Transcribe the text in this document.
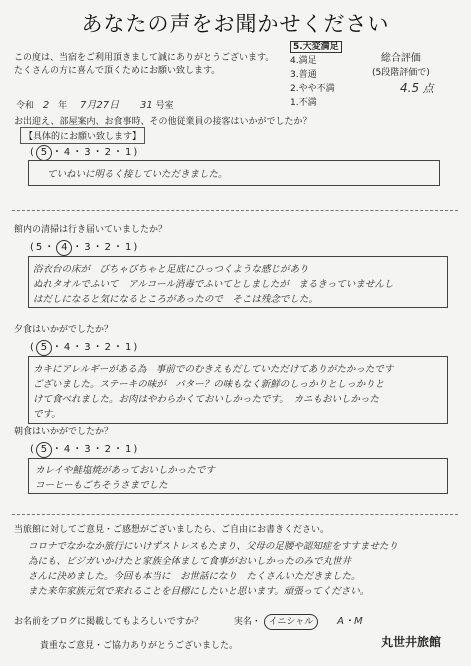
あなたの声をお聞かせください
この度は、当宿をご利用頂きまして誠にありがとうございます。
たくさんの方に喜んで頂くためにお願い致します。
5.大変満足
4.満足
3.普通
2.やや不満
1.不満
総合評価
(5段階評価で)
4.5 点
令和 2 年 7月27日 31 号室
お出迎え、部屋案内、お食事時、その他従業員の接客はいかがでしたか？
【具体的にお願い致します】
( 5 ・4・3・2・1)
ていねいに明るく接していただきました。
館内の清掃は行き届いていましたか？
(5・ 4 ・3・2・1)
浴衣台の床が　びちゃびちゃと足底にひっつくような感じがあり
ぬれタオルでふいて　アルコール消毒でふいてとしましたが　まるきっていませんし
はだしになると気になるところがあったので　そこは残念でした。
夕食はいかがでしたか？
( 5 ・4・3・2・1)
カキにアレルギーがある為　事前でのむきえもだしていただけてありがたかったです
ございました。ステーキの味が　バター？の味もなく新鮮のしっかりとしっかりと
けて食べれました。お肉はやわらかくておいしかったです。　カニもおいしかった
です。
朝食はいかがでしたか？
( 5 ・4・3・2・1)
カレイや鮭塩焼があっておいしかったです
コーヒーもごちそうさまでした
当旅館に対してご意見・ご感想がございましたら、ご自由にお書きください。
コロナでなかなか旅行にいけずストレスもたまり、父母の足腰や認知症をすすませたり
為にも、ビジガいかけたと家族全体まして食事がおいしかったのみで丸世井
さんに決めました。今回も本当に　お世話になり　たくさんいただきました。
また来年家族元気で来れることを目標にしたいと思います。頑張ってください。
お名前をブログに掲載してもよろしいですか？	実名・ イニシャル A・M
貴重なご意見・ご協力ありがとうございました。	丸世井旅館
